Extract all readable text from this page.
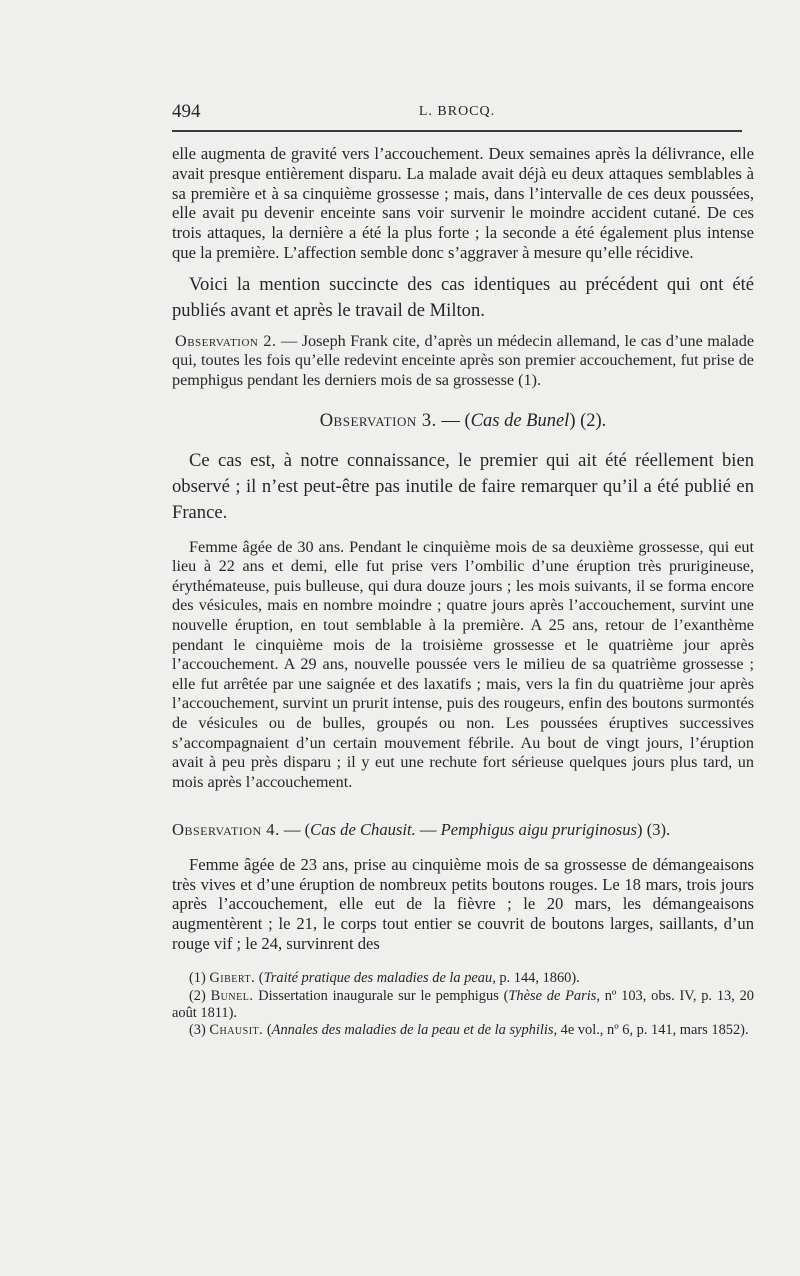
494	L. BROCQ.

elle augmenta de gravité vers l’accouchement. Deux semaines après la délivrance, elle avait presque entièrement disparu. La malade avait déjà eu deux attaques semblables à sa première et à sa cinquième grossesse ; mais, dans l’intervalle de ces deux poussées, elle avait pu devenir enceinte sans voir survenir le moindre accident cutané. De ces trois attaques, la dernière a été la plus forte ; la seconde a été également plus intense que la première. L’affection semble donc s’aggraver à mesure qu’elle récidive.

Voici la mention succincte des cas identiques au précédent qui ont été publiés avant et après le travail de Milton.

Observation 2. — Joseph Frank cite, d’après un médecin allemand, le cas d’une malade qui, toutes les fois qu’elle redevint enceinte après son premier accouchement, fut prise de pemphigus pendant les derniers mois de sa grossesse (1).

Observation 3. — (Cas de Bunel) (2).

Ce cas est, à notre connaissance, le premier qui ait été réellement bien observé ; il n’est peut-être pas inutile de faire remarquer qu’il a été publié en France.

Femme âgée de 30 ans. Pendant le cinquième mois de sa deuxième grossesse, qui eut lieu à 22 ans et demi, elle fut prise vers l’ombilic d’une éruption très prurigineuse, érythémateuse, puis bulleuse, qui dura douze jours ; les mois suivants, il se forma encore des vésicules, mais en nombre moindre ; quatre jours après l’accouchement, survint une nouvelle éruption, en tout semblable à la première. A 25 ans, retour de l’exanthème pendant le cinquième mois de la troisième grossesse et le quatrième jour après l’accouchement. A 29 ans, nouvelle poussée vers le milieu de sa quatrième grossesse ; elle fut arrêtée par une saignée et des laxatifs ; mais, vers la fin du quatrième jour après l’accouchement, survint un prurit intense, puis des rougeurs, enfin des boutons surmontés de vésicules ou de bulles, groupés ou non. Les poussées éruptives successives s’accompagnaient d’un certain mouvement fébrile. Au bout de vingt jours, l’éruption avait à peu près disparu ; il y eut une rechute fort sérieuse quelques jours plus tard, un mois après l’accouchement.

Observation 4. — (Cas de Chausit. — Pemphigus aigu pruriginosus) (3).

Femme âgée de 23 ans, prise au cinquième mois de sa grossesse de démangeaisons très vives et d’une éruption de nombreux petits boutons rouges. Le 18 mars, trois jours après l’accouchement, elle eut de la fièvre ; le 20 mars, les démangeaisons augmentèrent ; le 21, le corps tout entier se couvrit de boutons larges, saillants, d’un rouge vif ; le 24, survinrent des

(1) Gibert. (Traité pratique des maladies de la peau, p. 144, 1860).

(2) Bunel. Dissertation inaugurale sur le pemphigus (Thèse de Paris, nº 103, obs. IV, p. 13, 20 août 1811).

(3) Chausit. (Annales des maladies de la peau et de la syphilis, 4e vol., nº 6, p. 141, mars 1852).
